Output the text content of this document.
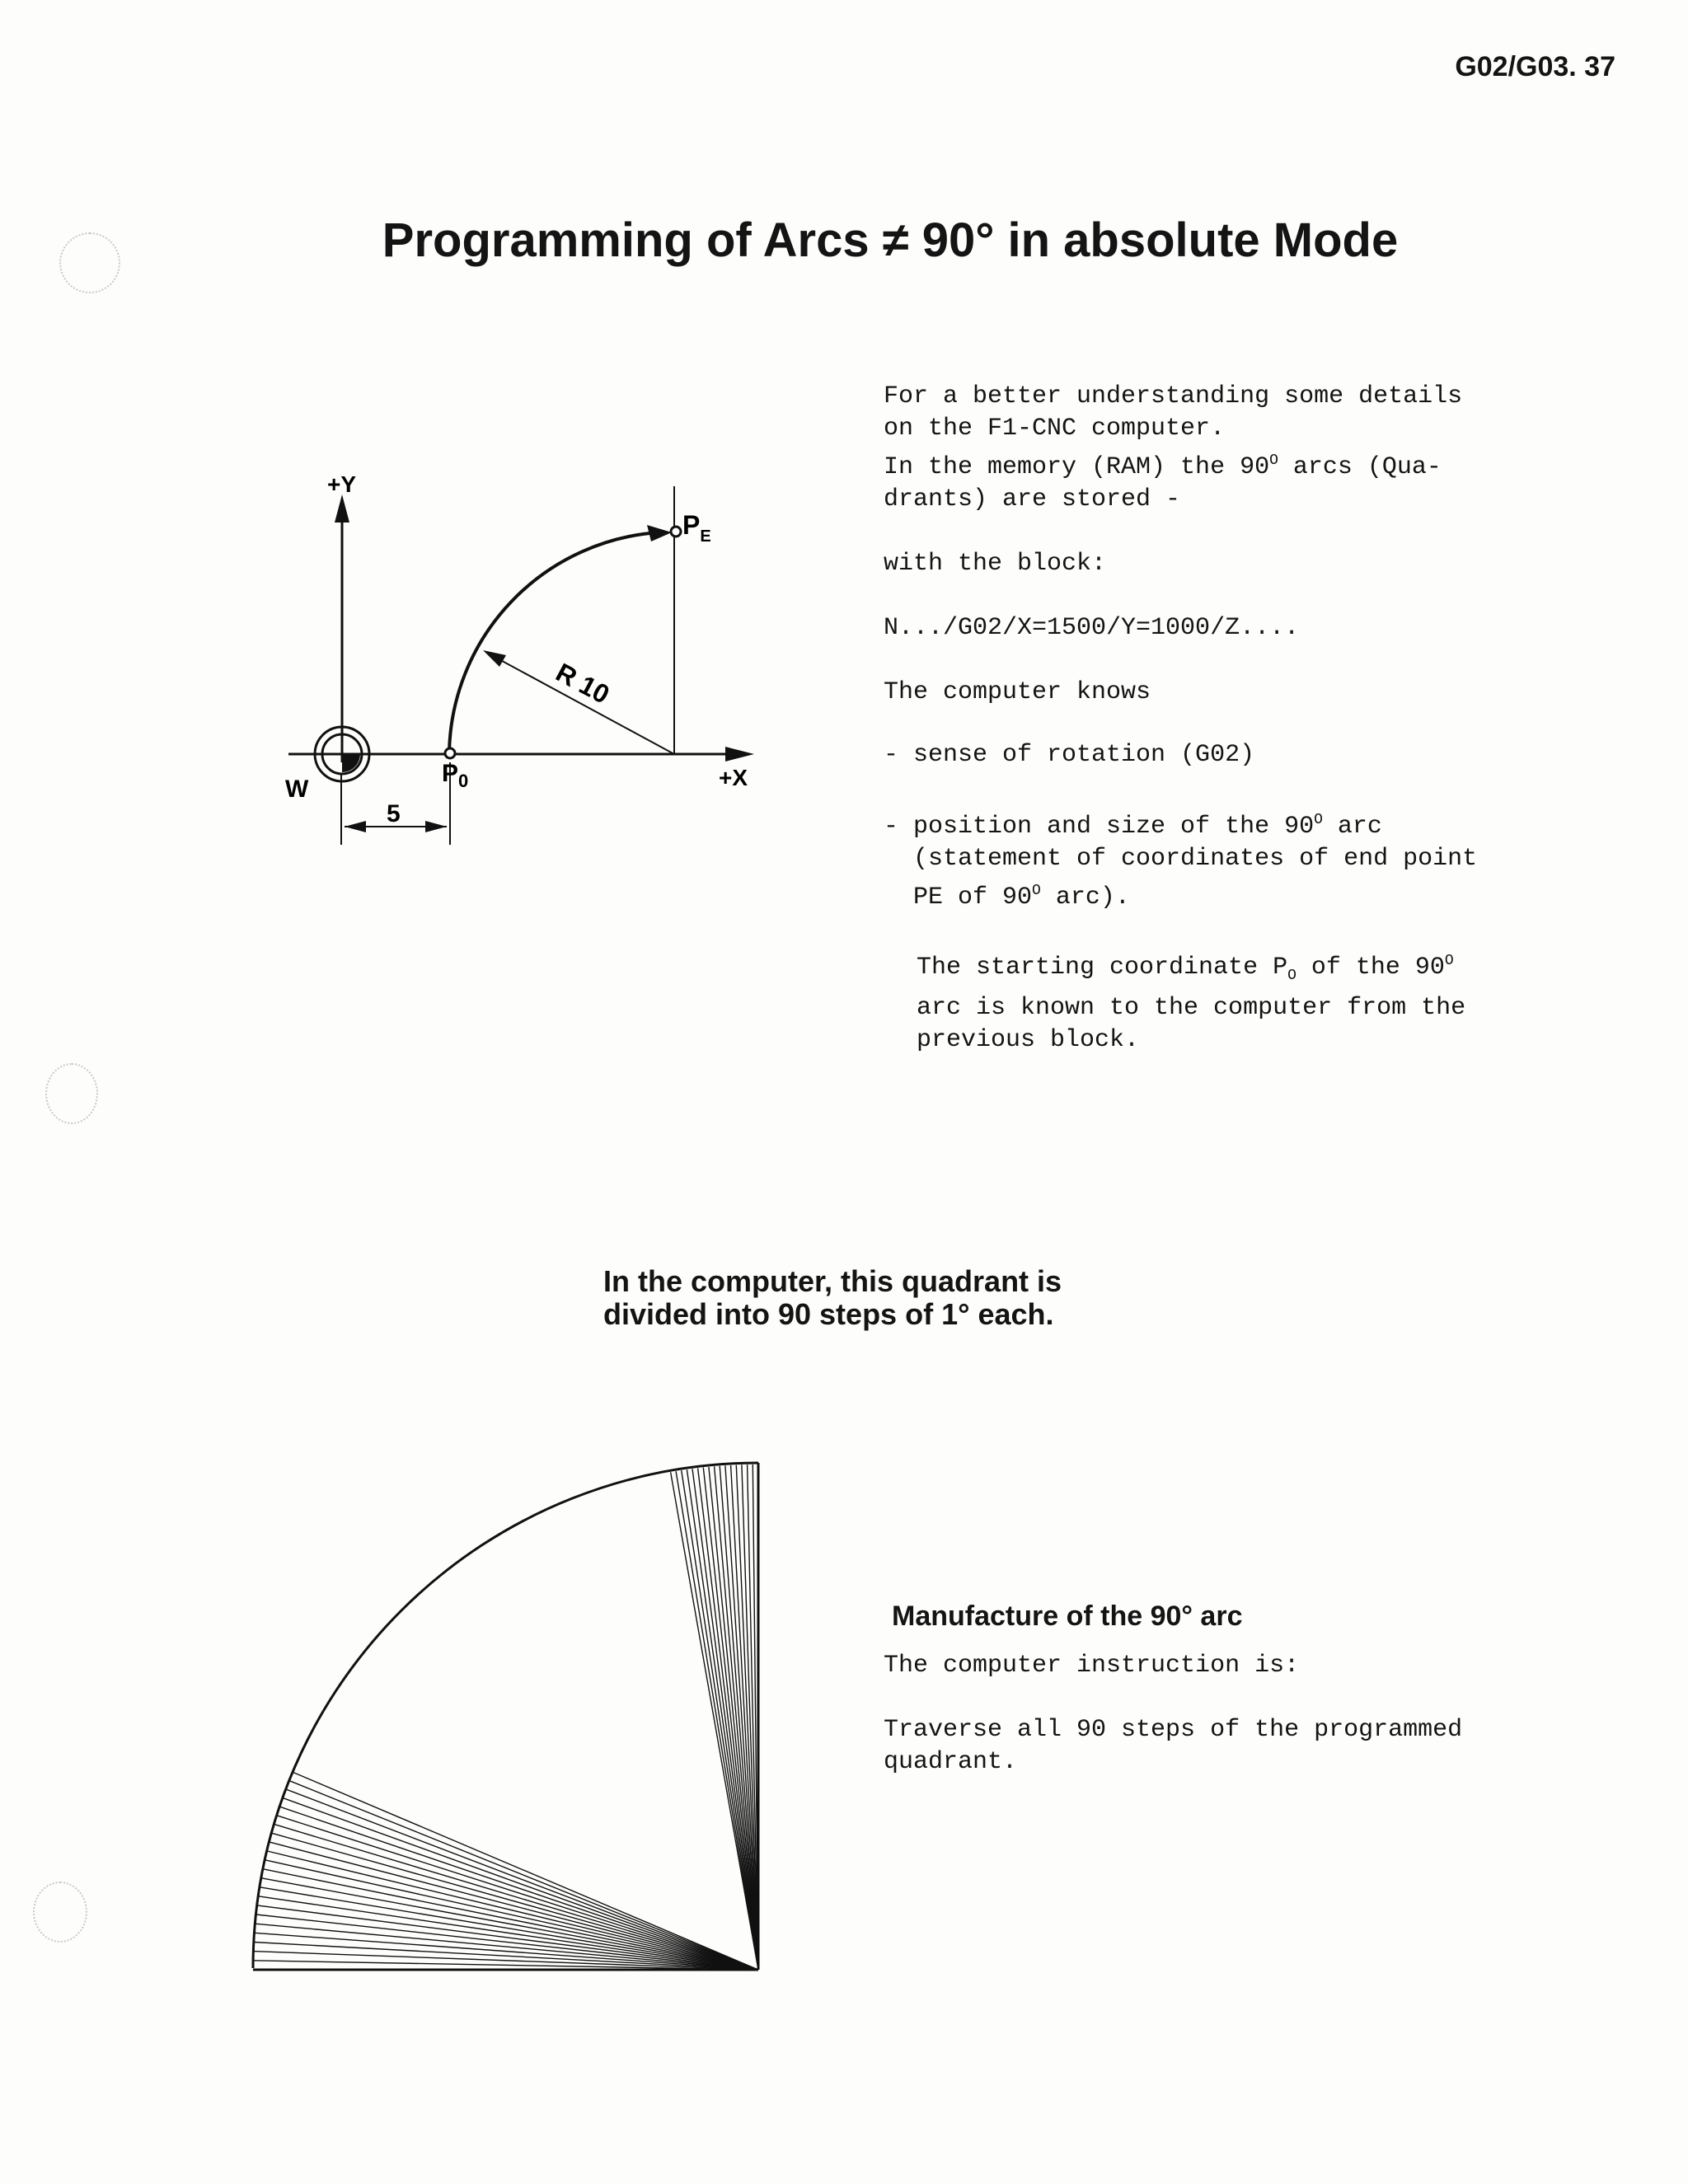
G02/G03. 37
Programming of Arcs ≠ 90° in absolute Mode
+Y
+X
W
$P_0$
$P_E$
R 10
5

For a better understanding some details
on the F1-CNC computer.

In the memory (RAM) the $90^O$ arcs (Qua-
drants) are stored -

with the block:

N.../G02/X=1500/Y=1000/Z....

The computer knows

- sense of rotation (G02)

- position and size of the $90^O$ arc
(statement of coordinates of end point
PE of $90^O$ arc).

The starting coordinate $P_O$ of the $90^O$
arc is known to the computer from the
previous block.

In the computer, this quadrant is
divided into 90 steps of 1° each.
Manufacture of the 90° arc

The computer instruction is:

Traverse all 90 steps of the programmed
quadrant.
